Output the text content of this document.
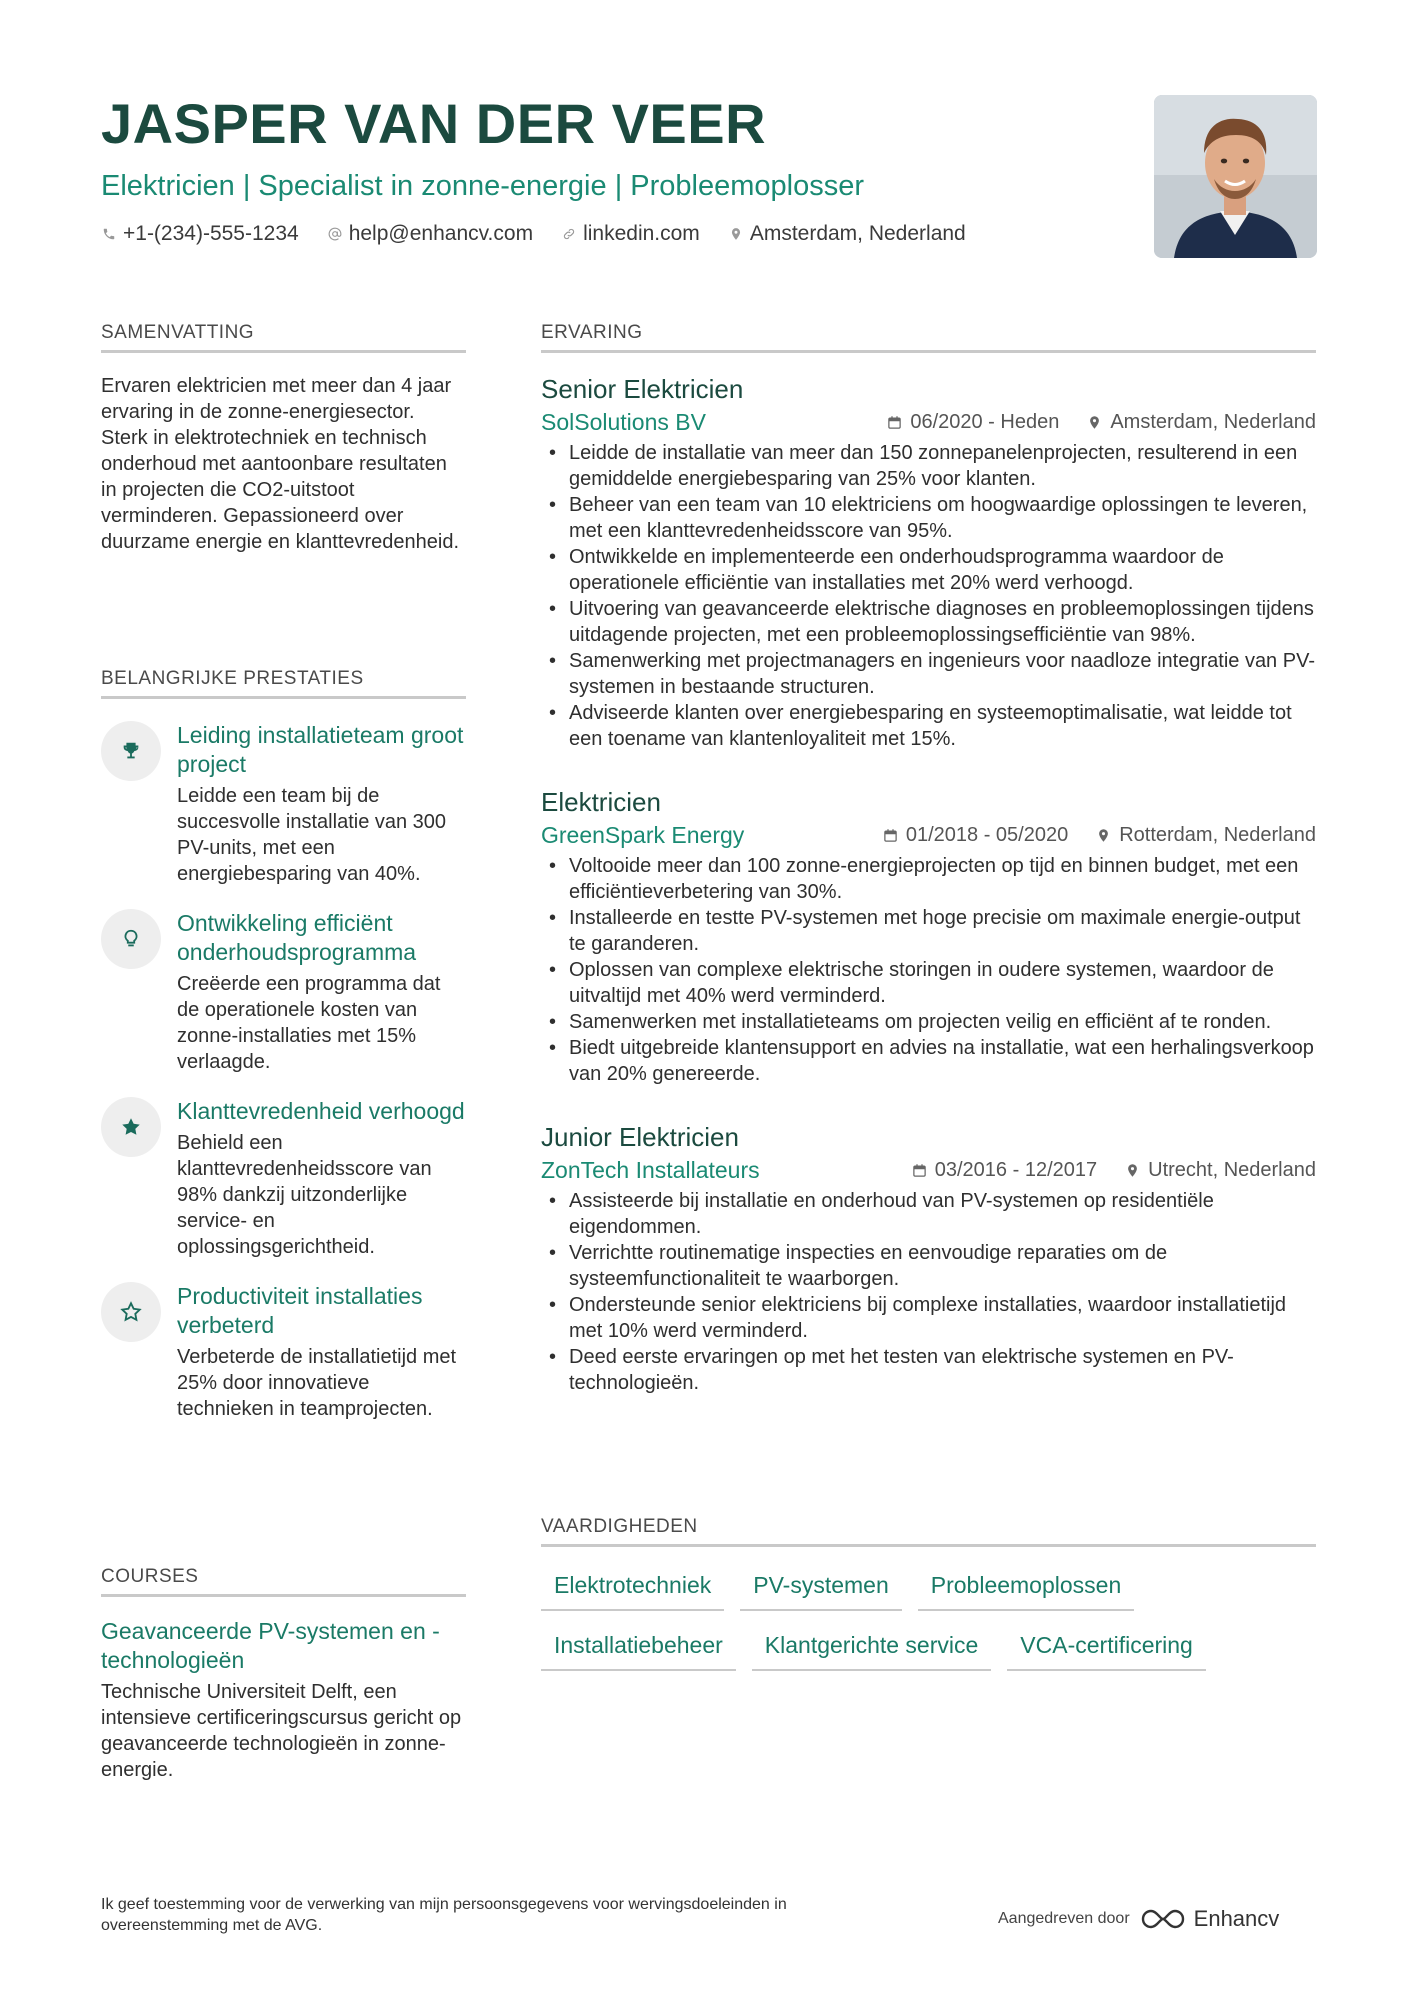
JASPER VAN DER VEER
Elektricien | Specialist in zonne-energie | Probleemoplosser
+1-(234)-555-1234 help@enhancv.com linkedin.com Amsterdam, Nederland
SAMENVATTING
Ervaren elektricien met meer dan 4 jaar ervaring in de zonne-energiesector. Sterk in elektrotechniek en technisch onderhoud met aantoonbare resultaten in projecten die CO2-uitstoot verminderen. Gepassioneerd over duurzame energie en klanttevredenheid.
BELANGRIJKE PRESTATIES
Leiding installatieteam groot project
Leidde een team bij de succesvolle installatie van 300 PV-units, met een energiebesparing van 40%.
Ontwikkeling efficiënt onderhoudsprogramma
Creëerde een programma dat de operationele kosten van zonne-installaties met 15% verlaagde.
Klanttevredenheid verhoogd
Behield een klanttevredenheidsscore van 98% dankzij uitzonderlijke service- en oplossingsgerichtheid.
Productiviteit installaties verbeterd
Verbeterde de installatietijd met 25% door innovatieve technieken in teamprojecten.
COURSES
Geavanceerde PV-systemen en -technologieën
Technische Universiteit Delft, een intensieve certificeringscursus gericht op geavanceerde technologieën in zonne-energie.
ERVARING
Senior Elektricien
SolSolutions BV	06/2020 - Heden	Amsterdam, Nederland
• Leidde de installatie van meer dan 150 zonnepanelenprojecten, resulterend in een gemiddelde energiebesparing van 25% voor klanten.
• Beheer van een team van 10 elektriciens om hoogwaardige oplossingen te leveren, met een klanttevredenheidsscore van 95%.
• Ontwikkelde en implementeerde een onderhoudsprogramma waardoor de operationele efficiëntie van installaties met 20% werd verhoogd.
• Uitvoering van geavanceerde elektrische diagnoses en probleemoplossingen tijdens uitdagende projecten, met een probleemoplossingsefficiëntie van 98%.
• Samenwerking met projectmanagers en ingenieurs voor naadloze integratie van PV-systemen in bestaande structuren.
• Adviseerde klanten over energiebesparing en systeemoptimalisatie, wat leidde tot een toename van klantenloyaliteit met 15%.
Elektricien
GreenSpark Energy	01/2018 - 05/2020	Rotterdam, Nederland
• Voltooide meer dan 100 zonne-energieprojecten op tijd en binnen budget, met een efficiëntieverbetering van 30%.
• Installeerde en testte PV-systemen met hoge precisie om maximale energie-output te garanderen.
• Oplossen van complexe elektrische storingen in oudere systemen, waardoor de uitvaltijd met 40% werd verminderd.
• Samenwerken met installatieteams om projecten veilig en efficiënt af te ronden.
• Biedt uitgebreide klantensupport en advies na installatie, wat een herhalingsverkoop van 20% genereerde.
Junior Elektricien
ZonTech Installateurs	03/2016 - 12/2017	Utrecht, Nederland
• Assisteerde bij installatie en onderhoud van PV-systemen op residentiële eigendommen.
• Verrichtte routinematige inspecties en eenvoudige reparaties om de systeemfunctionaliteit te waarborgen.
• Ondersteunde senior elektriciens bij complexe installaties, waardoor installatietijd met 10% werd verminderd.
• Deed eerste ervaringen op met het testen van elektrische systemen en PV-technologieën.
VAARDIGHEDEN
Elektrotechniek	PV-systemen	Probleemoplossen
Installatiebeheer	Klantgerichte service	VCA-certificering
Ik geef toestemming voor de verwerking van mijn persoonsgegevens voor wervingsdoeleinden in overeenstemming met de AVG.	Aangedreven door	Enhancv
